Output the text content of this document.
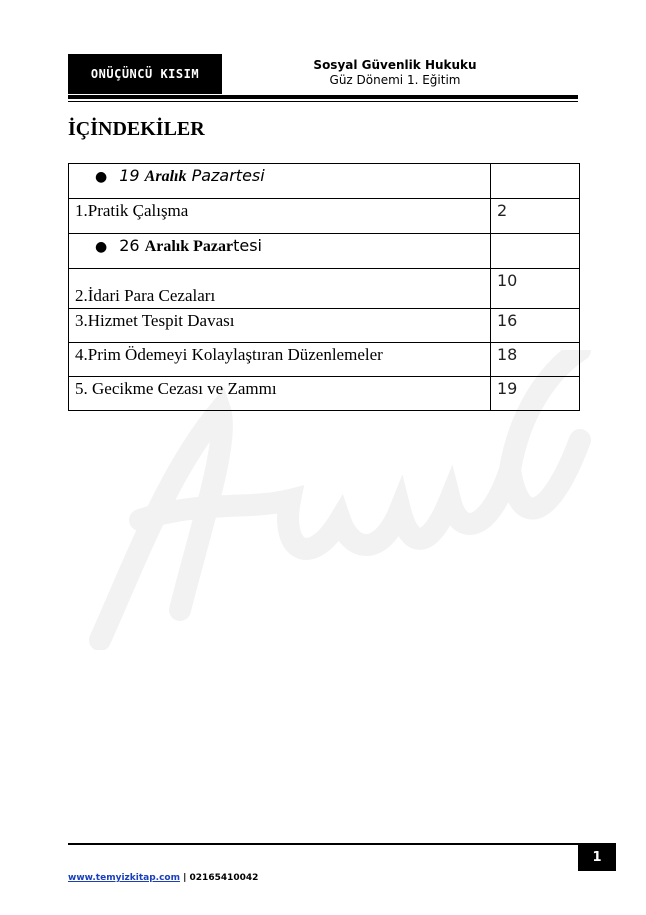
ONÜÇÜNCÜ KISIM
Sosyal Güvenlik Hukuku
Güz Dönemi 1. Eğitim
İÇİNDEKİLER
● 19 Aralık Pazartesi	
1.Pratik Çalışma	2
● 26 Aralık Pazartesi	
2.İdari Para Cezaları	10
3.Hizmet Tespit Davası	16
4.Prim Ödemeyi Kolaylaştıran Düzenlemeler	18
5. Gecikme Cezası ve Zammı	19
1
www.temyizkitap.com | 02165410042
